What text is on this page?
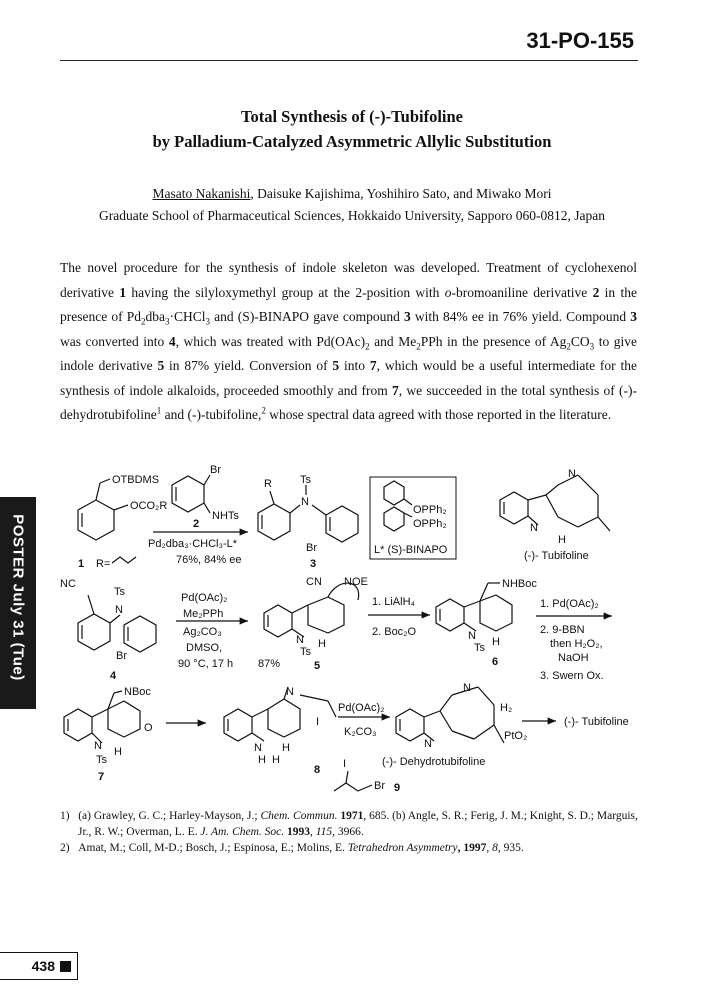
31-PO-155
Total Synthesis of (-)-Tubifoline
by Palladium-Catalyzed Asymmetric Allylic Substitution
Masato Nakanishi, Daisuke Kajishima, Yoshihiro Sato, and Miwako Mori
Graduate School of Pharmaceutical Sciences, Hokkaido University, Sapporo 060-0812, Japan
The novel procedure for the synthesis of indole skeleton was developed. Treatment of cyclohexenol derivative 1 having the silyloxymethyl group at the 2-position with o-bromoaniline derivative 2 in the presence of $Pd_2dba_3\cdot CHCl_3$ and (S)-BINAPO gave compound 3 with 84% ee in 76% yield. Compound 3 was converted into 4, which was treated with $Pd(OAc)_2$ and $Me_2PPh$ in the presence of $Ag_2CO_3$ to give indole derivative 5 in 87% yield. Conversion of 5 into 7, which would be a useful intermediate for the synthesis of indole alkaloids, proceeded smoothly and from 7, we succeeded in the total synthesis of (-)-dehydrotubifoline$^1$ and (-)-tubifoline,$^2$ whose spectral data agreed with those reported in the literature.
POSTER July 31 (Tue)
OTBDMS
OCO₂R
1 R=
Br
NHTs
2
Pd₂dba₃·CHCl₃-L*
76%, 84% ee
R	Ts
N
Br
3
OPPh₂
OPPh₂
L* (S)-BINAPO
N
N
H
(-)- Tubifoline
NC
Ts
N
Br
4
Pd(OAc)₂
Me₂PPh
Ag₂CO₃
DMSO,
90 °C, 17 h 87%
CN NOE
N
Ts
H
5
1. LiAlH₄
2. Boc₂O
NHBoc
N
Ts H
6
1. Pd(OAc)₂
2. 9-BBN
then H₂O₂,
NaOH
3. Swern Ox.
NBoc
N
Ts
H
O
7
N
I
N
H H
H
8
Pd(OAc)₂
K₂CO₃
N
N
(-)- Dehydrotubifoline
H₂
PtO₂
(-)- Tubifoline
I
Br 9
1) (a) Grawley, G. C.; Harley-Mayson, J.; Chem. Commun. 1971, 685. (b) Angle, S. R.; Ferig, J. M.; Knight, S. D.; Marguis, Jr., R. W.; Overman, L. E. J. Am. Chem. Soc. 1993, 115, 3966.
2) Amat, M.; Coll, M-D.; Bosch, J.; Espinosa, E.; Molins, E. Tetrahedron Asymmetry, 1997, 8, 935.
438
